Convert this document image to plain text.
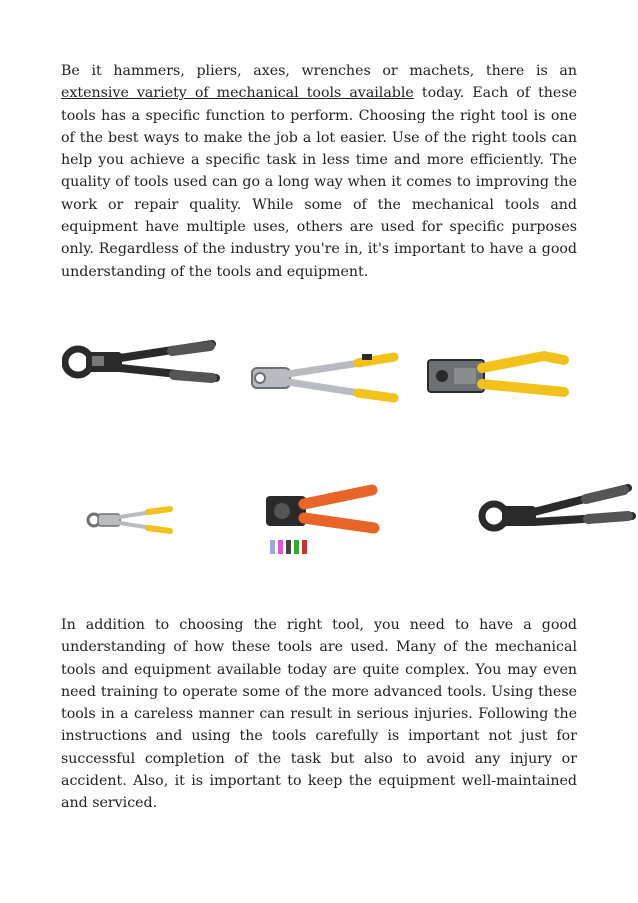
Be it hammers, pliers, axes, wrenches or machets, there is an extensive variety of mechanical tools available today. Each of these tools has a specific function to perform. Choosing the right tool is one of the best ways to make the job a lot easier. Use of the right tools can help you achieve a specific task in less time and more efficiently. The quality of tools used can go a long way when it comes to improving the work or repair quality. While some of the mechanical tools and equipment have multiple uses, others are used for specific purposes only. Regardless of the industry you're in, it's important to have a good understanding of the tools and equipment.

In addition to choosing the right tool, you need to have a good understanding of how these tools are used. Many of the mechanical tools and equipment available today are quite complex. You may even need training to operate some of the more advanced tools. Using these tools in a careless manner can result in serious injuries. Following the instructions and using the tools carefully is important not just for successful completion of the task but also to avoid any injury or accident. Also, it is important to keep the equipment well-maintained and serviced.
